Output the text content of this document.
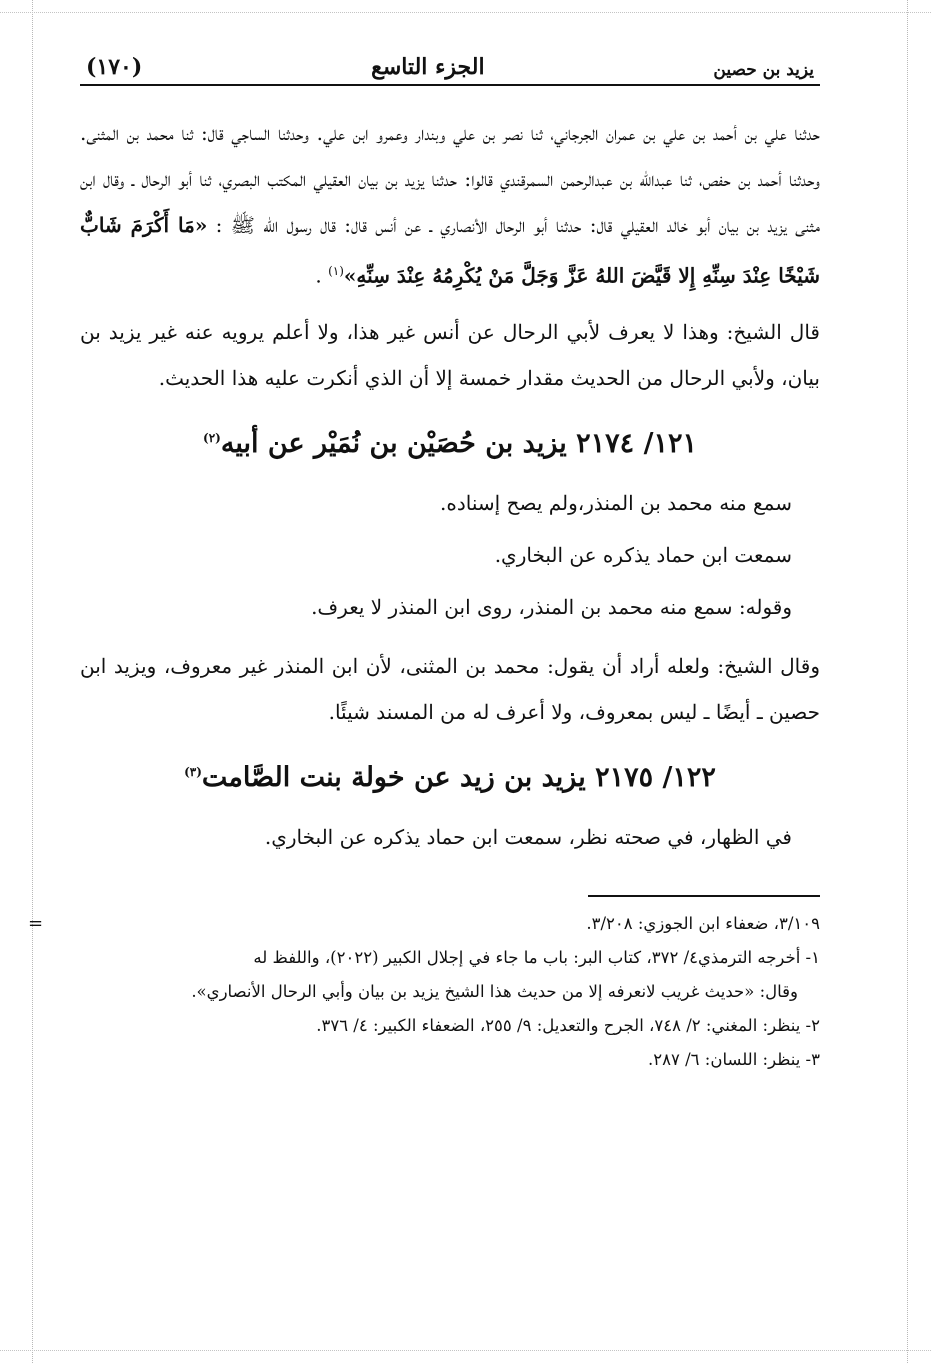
يزيد بن حصين
الجزء التاسع
(١٧٠)

حدثنا علي بن أحمد بن علي بن عمران الجرجاني، ثنا نصر بن علي وبندار وعمرو ابن علي. وحدثنا الساجي قال: ثنا محمد بن المثنى. وحدثنا أحمد بن حفص، ثنا عبدالله بن عبدالرحمن السمرقندي قالوا: حدثنا يزيد بن بيان العقيلي المكتب البصري، ثنا أبو الرحال ـ وقال ابن مثنى يزيد بن بيان أبو خالد العقيلي قال: حدثنا أبو الرحال الأنصاري ـ عن أنس قال: قال رسول الله ﷺ : «مَا أَكْرَمَ شَابٌّ شَيْخًا عِنْدَ سِنِّهِ إِلا قَيَّضَ اللهُ عَزَّ وَجَلَّ مَنْ يُكْرِمُهُ عِنْدَ سِنِّهِ»$^{(١)}$ .

قال الشيخ: وهذا لا يعرف لأبي الرحال عن أنس غير هذا، ولا أعلم يرويه عنه غير يزيد بن بيان، ولأبي الرحال من الحديث مقدار خمسة إلا أن الذي أنكرت عليه هذا الحديث.

١٢١/ ٢١٧٤ يزيد بن حُصَيْن بن نُمَيْر عن أبيه$^{(٢)}$

سمع منه محمد بن المنذر،ولم يصح إسناده.

سمعت ابن حماد يذكره عن البخاري.

وقوله: سمع منه محمد بن المنذر، روى ابن المنذر لا يعرف.

وقال الشيخ: ولعله أراد أن يقول: محمد بن المثنى، لأن ابن المنذر غير معروف، ويزيد ابن حصين ـ أيضًا ـ ليس بمعروف، ولا أعرف له من المسند شيئًا.

١٢٢/ ٢١٧٥ يزيد بن زيد عن خولة بنت الصَّامت$^{(٣)}$

في الظهار، في صحته نظر، سمعت ابن حماد يذكره عن البخاري.

=	٣/١٠٩، ضعفاء ابن الجوزي: ٣/٢٠٨.

١- أخرجه الترمذي٤/ ٣٧٢، كتاب البر: باب ما جاء في إجلال الكبير (٢٠٢٢)، واللفظ له
وقال: «حديث غريب لانعرفه إلا من حديث هذا الشيخ يزيد بن بيان وأبي الرحال الأنصاري».

٢- ينظر: المغني: ٢/ ٧٤٨، الجرح والتعديل: ٩/ ٢٥٥، الضعفاء الكبير: ٤/ ٣٧٦.

٣- ينظر: اللسان: ٦/ ٢٨٧.
